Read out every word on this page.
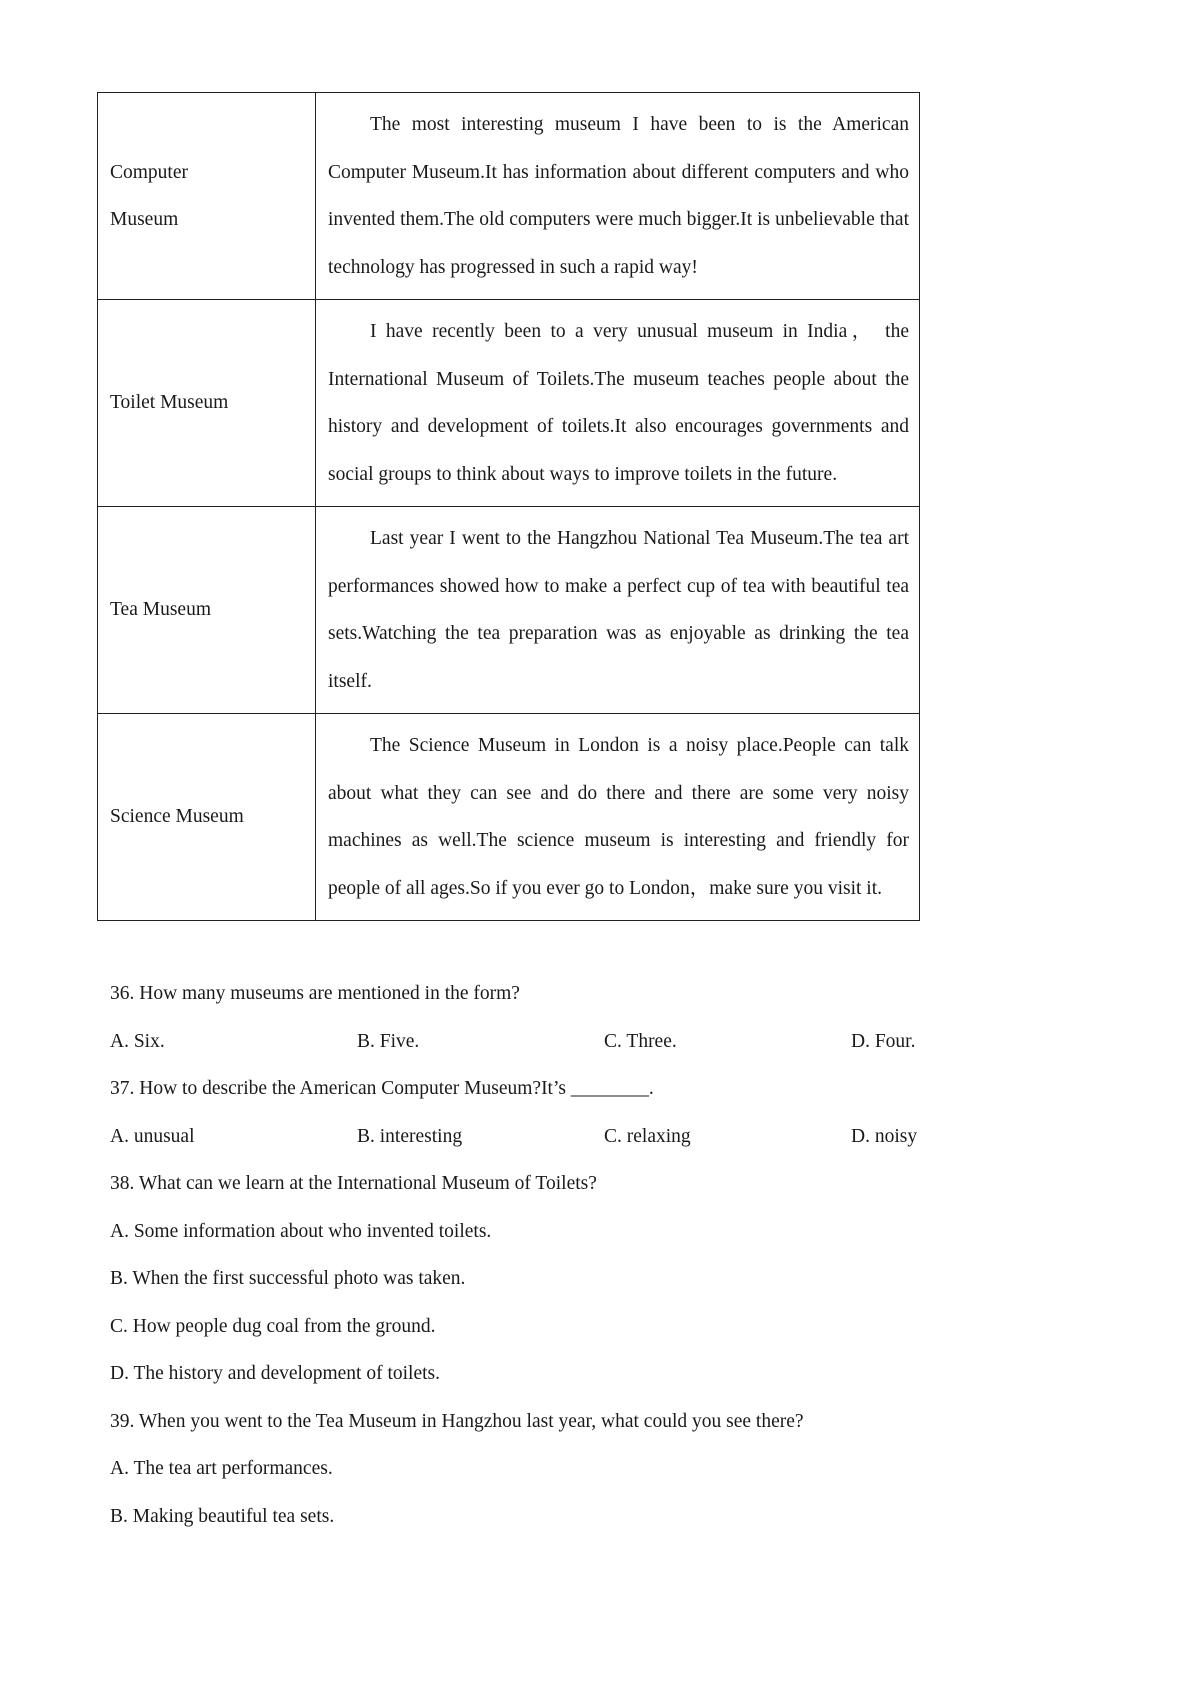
Computer
Museum	The most interesting museum I have been to is the American Computer Museum.It has information about different computers and who invented them.The old computers were much bigger.It is unbelievable that technology has progressed in such a rapid way!
Toilet Museum	I have recently been to a very unusual museum in India， the International Museum of Toilets.The museum teaches people about the history and development of toilets.It also encourages governments and social groups to think about ways to improve toilets in the future.
Tea Museum	Last year I went to the Hangzhou National Tea Museum.The tea art performances showed how to make a perfect cup of tea with beautiful tea sets.Watching the tea preparation was as enjoyable as drinking the tea itself.
Science Museum	The Science Museum in London is a noisy place.People can talk about what they can see and do there and there are some very noisy machines as well.The science museum is interesting and friendly for people of all ages.So if you ever go to London，make sure you visit it.
36. How many museums are mentioned in the form?
A. Six.	B. Five.	C. Three.	D. Four.
37. How to describe the American Computer Museum?It’s ________.
A. unusual	B. interesting	C. relaxing	D. noisy
38. What can we learn at the International Museum of Toilets?
A. Some information about who invented toilets.
B. When the first successful photo was taken.
C. How people dug coal from the ground.
D. The history and development of toilets.
39. When you went to the Tea Museum in Hangzhou last year, what could you see there?
A. The tea art performances.
B. Making beautiful tea sets.
